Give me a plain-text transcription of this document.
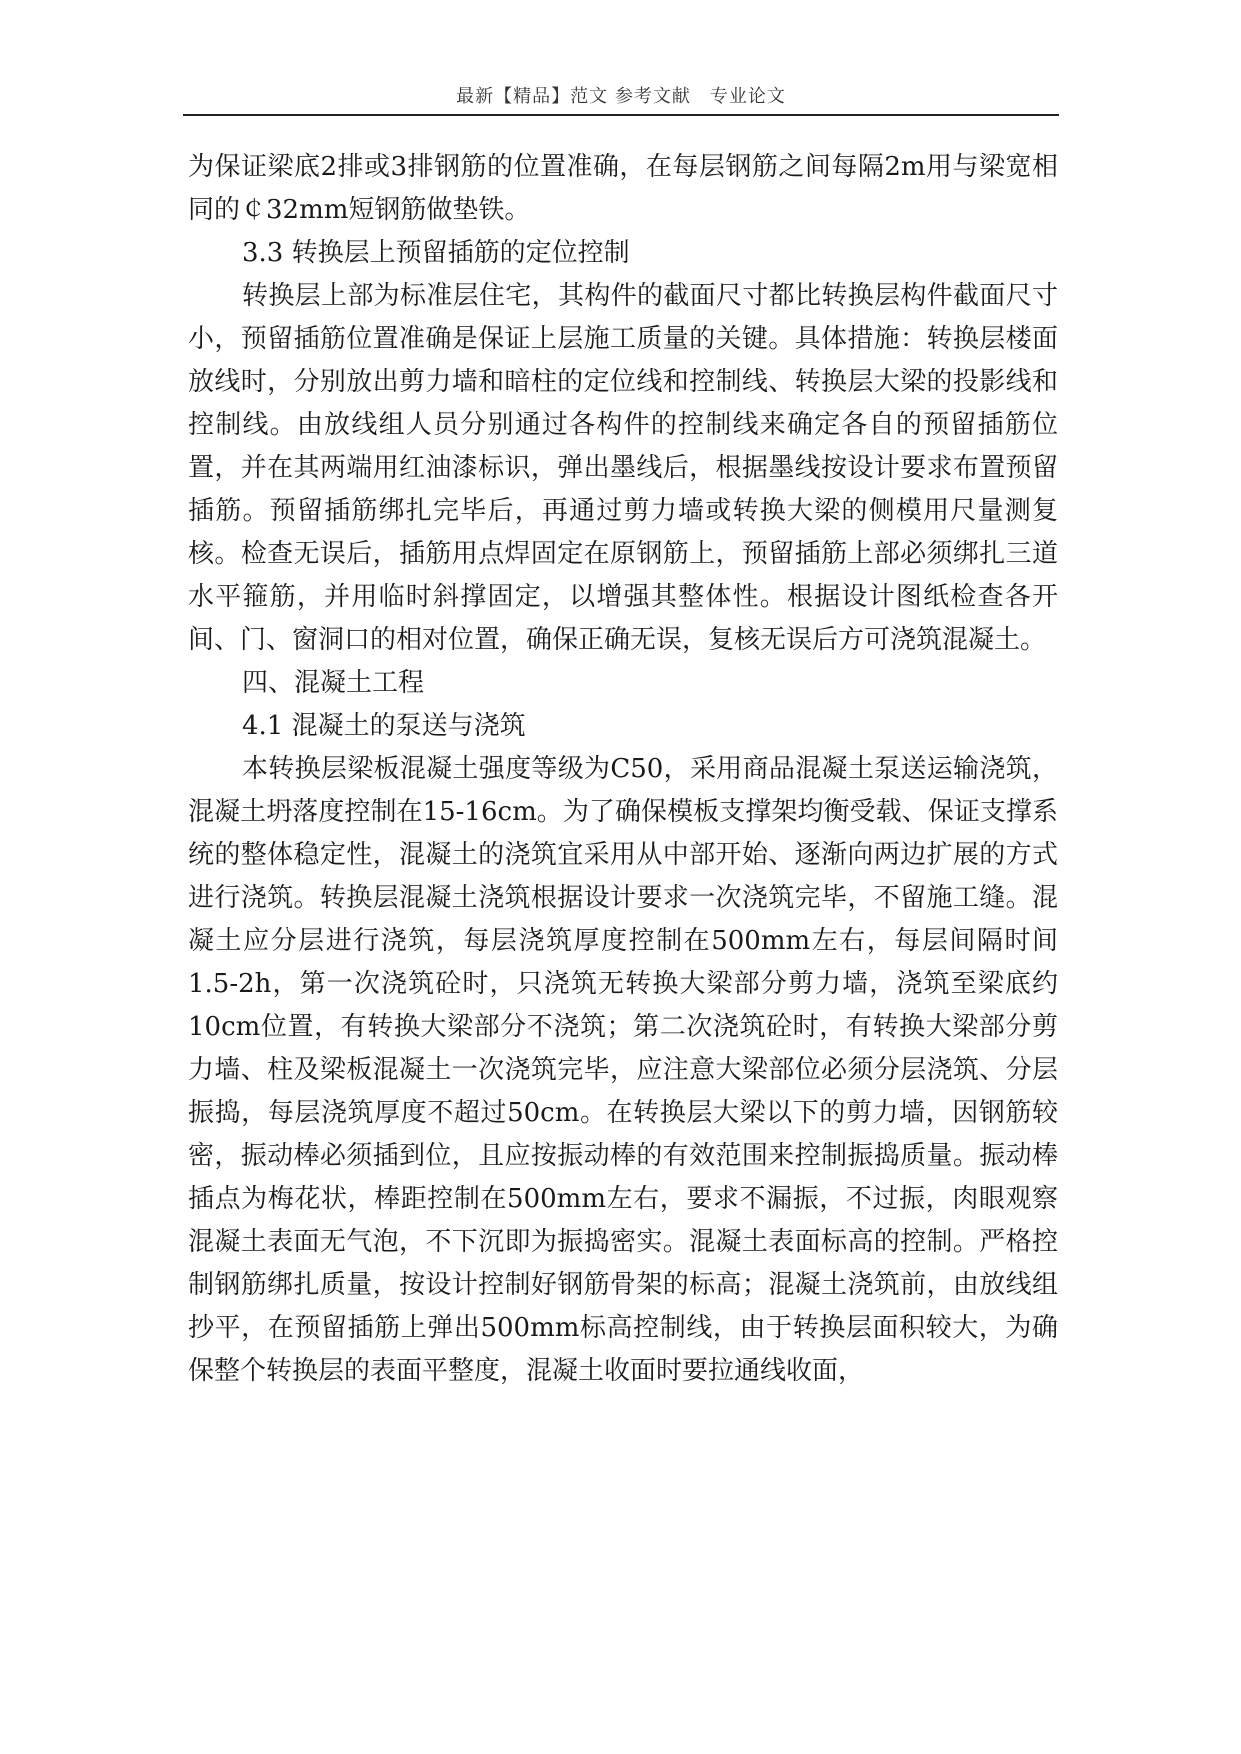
最新【精品】范文 参考文献　专业论文

为保证梁底2排或3排钢筋的位置准确，在每层钢筋之间每隔2m用与梁宽相同的￠32mm短钢筋做垫铁。

3.3 转换层上预留插筋的定位控制

转换层上部为标准层住宅，其构件的截面尺寸都比转换层构件截面尺寸小，预留插筋位置准确是保证上层施工质量的关键。具体措施：转换层楼面放线时，分别放出剪力墙和暗柱的定位线和控制线、转换层大梁的投影线和控制线。由放线组人员分别通过各构件的控制线来确定各自的预留插筋位置，并在其两端用红油漆标识，弹出墨线后，根据墨线按设计要求布置预留插筋。预留插筋绑扎完毕后，再通过剪力墙或转换大梁的侧模用尺量测复核。检查无误后，插筋用点焊固定在原钢筋上，预留插筋上部必须绑扎三道水平箍筋，并用临时斜撑固定，以增强其整体性。根据设计图纸检查各开间、门、窗洞口的相对位置，确保正确无误，复核无误后方可浇筑混凝土。

四、混凝土工程

4.1 混凝土的泵送与浇筑

本转换层梁板混凝土强度等级为C50，采用商品混凝土泵送运输浇筑，混凝土坍落度控制在15-16cm。为了确保模板支撑架均衡受载、保证支撑系统的整体稳定性，混凝土的浇筑宜采用从中部开始、逐渐向两边扩展的方式进行浇筑。转换层混凝土浇筑根据设计要求一次浇筑完毕，不留施工缝。混凝土应分层进行浇筑，每层浇筑厚度控制在500mm左右，每层间隔时间1.5-2h，第一次浇筑砼时，只浇筑无转换大梁部分剪力墙，浇筑至梁底约10cm位置，有转换大梁部分不浇筑；第二次浇筑砼时，有转换大梁部分剪力墙、柱及梁板混凝土一次浇筑完毕，应注意大梁部位必须分层浇筑、分层振捣，每层浇筑厚度不超过50cm。在转换层大梁以下的剪力墙，因钢筋较密，振动棒必须插到位，且应按振动棒的有效范围来控制振捣质量。振动棒插点为梅花状，棒距控制在500mm左右，要求不漏振，不过振，肉眼观察混凝土表面无气泡，不下沉即为振捣密实。混凝土表面标高的控制。严格控制钢筋绑扎质量，按设计控制好钢筋骨架的标高；混凝土浇筑前，由放线组抄平，在预留插筋上弹出500mm标高控制线，由于转换层面积较大，为确保整个转换层的表面平整度，混凝土收面时要拉通线收面，
